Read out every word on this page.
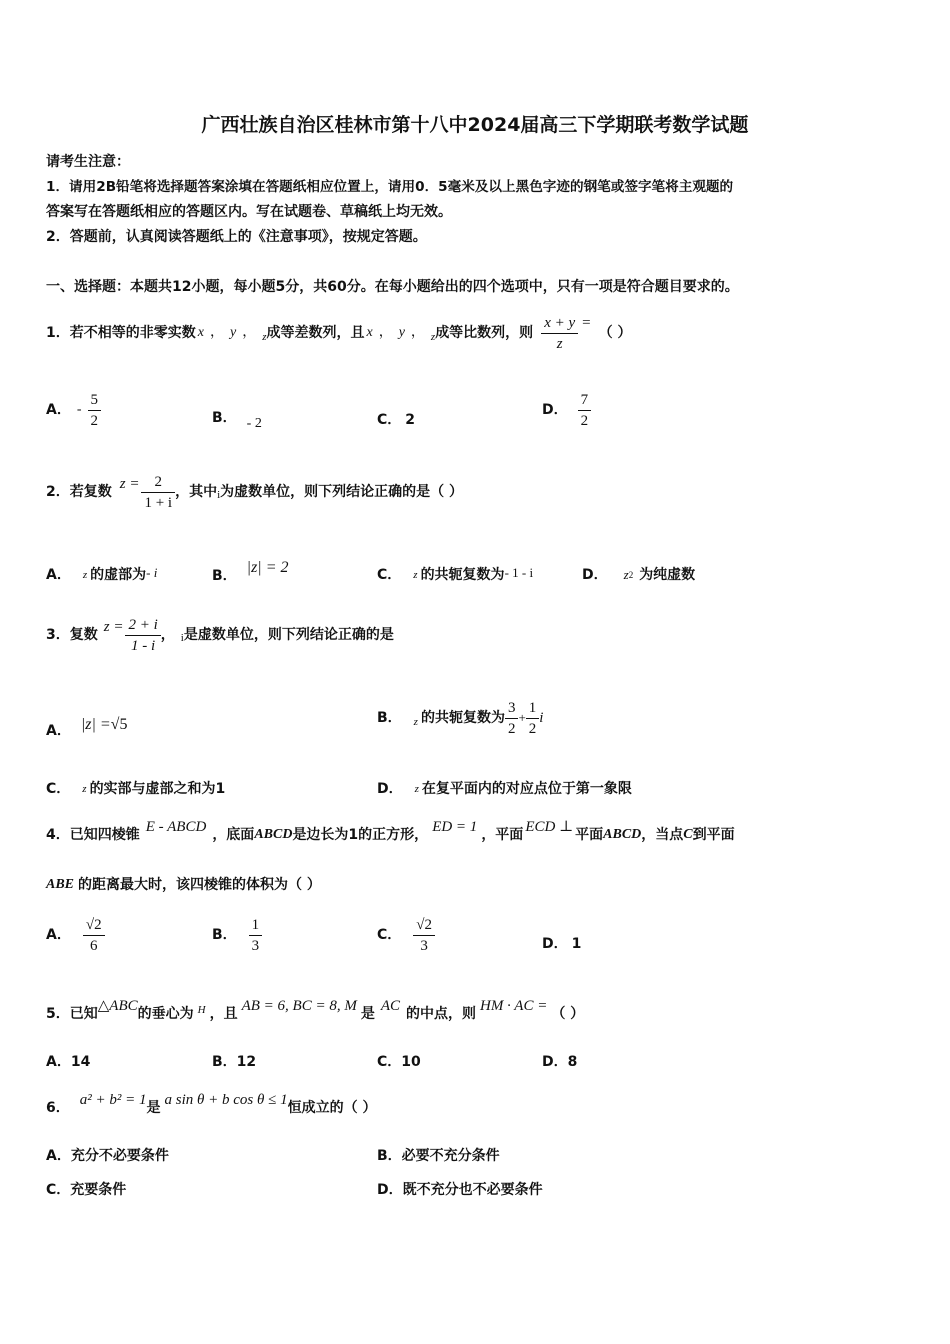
广西壮族自治区桂林市第十八中2024届高三下学期联考数学试题
请考生注意：
1．请用2B铅笔将选择题答案涂填在答题纸相应位置上，请用0．5毫米及以上黑色字迹的钢笔或签字笔将主观题的
答案写在答题纸相应的答题区内。写在试题卷、草稿纸上均无效。
2．答题前，认真阅读答题纸上的《注意事项》，按规定答题。
一、选择题：本题共12小题，每小题5分，共60分。在每小题给出的四个选项中，只有一项是符合题目要求的。
1． 若不相等的非零实数 x ， y ， z 成等差数列，且 x ， y ， z 成等比数列，则 $\frac{x + y}{z}$ =
（ ）
A． - $\frac{5}{2}$	B． - 2	C． 2
D． $\frac{7}{2}$
2． 若复数 $z = \frac{2}{1 + i}$ ，其中 i 为虚数单位，则下列结论正确的是（ ）
A． z 的虚部为 - i	B． |z| = 2	C． z 的共轭复数为 - 1 - i	D． z 2 为纯虚数
3． 复数 $z = \frac{2 + i}{1 - i}$ ， i 是虚数单位，则下列结论正确的是
A． |z| = √5	B． z 的共轭复数为 $\frac{3}{2} + \frac{1}{2}$ i
C． z 的实部与虚部之和为1	D． z 在复平面内的对应点位于第一象限
4． 已知四棱锥 E - ABCD ，底面 ABCD 是边长为1的正方形， ED = 1 ，平面 ECD ⊥ 平面 ABCD ，当点 C 到平面
ABE 的距离最大时，该四棱锥的体积为（ ）
A． $\frac{√2}{6}$	B． $\frac{1}{3}$	C． $\frac{√2}{3}$	D． 1
5． 已知 △ABC 的垂心为 H ，且 AB = 6, BC = 8, M 是 AC 的中点，则 HM · AC = （ ）
A．14	B．12	C．10	D．8
6． a² + b² = 1 是 a sin θ + b cos θ ≤ 1 恒成立的（ ）
A．充分不必要条件	B．必要不充分条件
C．充要条件	D．既不充分也不必要条件
